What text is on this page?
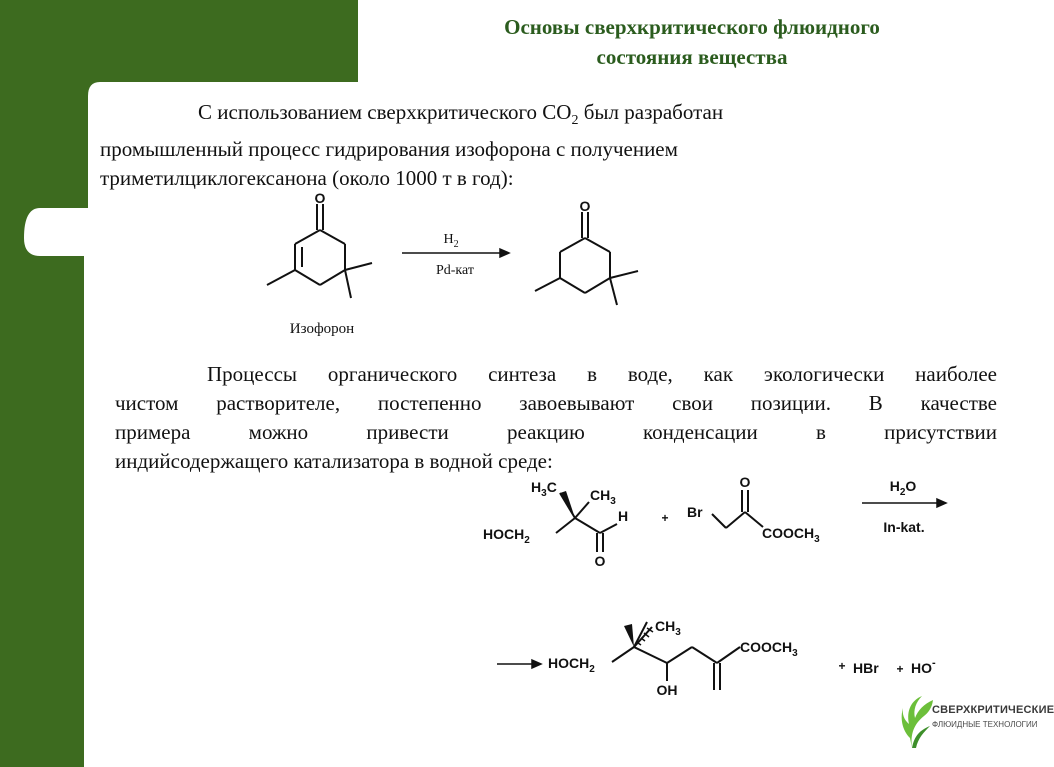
Основы сверхкритического флюидного
состояния вещества
С использованием сверхкритического $CO_2$ был разработан
промышленный процесс гидрирования изофорона с получением
триметилциклогексанона (около 1000 т в год):
O
$H_2$
Pd-кат
O
Изофорон
Процессы органического синтеза в воде, как экологически наиболее
чистом растворителе, постепенно завоевывают свои позиции. В качестве
примера можно привести реакцию конденсации в присутствии
индийсодержащего катализатора в водной среде:
$H_3C$ $CH_3$
$HOCH_2$
H
O
+ Br
O
$COOCH_3$
$H_2O$
In-kat.
$CH_3$
$HOCH_2$
OH
$COOCH_3$
+ HBr + HO-
СВЕРХКРИТИЧЕСКИЕ
ФЛЮИДНЫЕ ТЕХНОЛОГИИ
